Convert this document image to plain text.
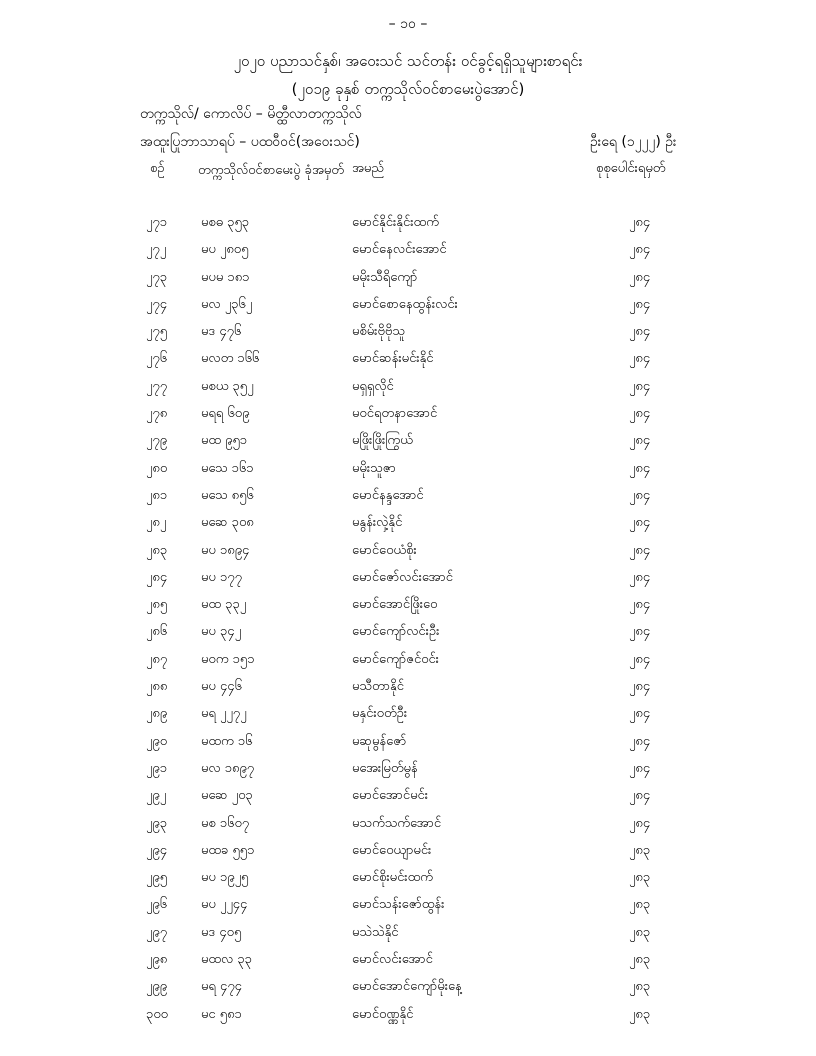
– ၁၀ –
၂၀၂၀ ပညာသင်နှစ်၊ အဝေးသင် သင်တန်း ဝင်ခွင့်ရရှိသူများစာရင်း
(၂၀၁၉ ခုနှစ် တက္ကသိုလ်ဝင်စာမေးပွဲအောင်)
တက္ကသိုလ်/ ကောလိပ် – မိတ္ထီလာတက္ကသိုလ်
အထူးပြုဘာသာရပ် – ပထဝီဝင်(အဝေးသင်)	ဦးရေ (၁၂၂၂) ဦး
စဉ်	တက္ကသိုလ်ဝင်စာမေးပွဲ ခုံအမှတ် အမည်	စုစုပေါင်းရမှတ်
၂၇၁	မစဓ ၃၅၃	မောင်နိုင်းနိုင်းထက်	၂၈၄
၂၇၂	မပ ၂၈၀၅	မောင်နေလင်းအောင်	၂၈၄
၂၇၃	မပမ ၁၈၁	မမိုးသီရိကျော်	၂၈၄
၂၇၄	မလ ၂၃၆၂	မောင်စောနေထွန်းလင်း	၂၈၄
၂၇၅	မဒ ၄၇၆	မစိမ်းဗိုဗိုသူ	၂၈၄
၂၇၆	မလတ ၁၆၆	မောင်ဆန်းမင်းနိုင်	၂၈၄
၂၇၇	မစယ ၃၅၂	မရှရှလိုင်	၂၈၄
၂၇၈	မရရ ၆၀၉	မဝင်ရတနာအောင်	၂၈၄
၂၇၉	မထ ၉၅၁	မဖြိုးဖြိုးကြွယ်	၂၈၄
၂၈၀	မသေ ၁၆၁	မမိုးသူဇာ	၂၈၄
၂၈၁	မသေ ၈၅၆	မောင်နန္ဒအောင်	၂၈၄
၂၈၂	မဆေ ၃၀၈	မနွန်းလှဲ့နိုင်	၂၈၄
၂၈၃	မပ ၁၈၉၄	မောင်ဝေယံစိုး	၂၈၄
၂၈၄	မပ ၁၇၇	မောင်ဇော်လင်းအောင်	၂၈၄
၂၈၅	မထ ၃၃၂	မောင်အောင်ဖြိုးဝေ	၂၈၄
၂၈၆	မပ ၃၄၂	မောင်ကျော်လင်းဦး	၂၈၄
၂၈၇	မဝက ၁၅၁	မောင်ကျော်ဇင်ဝင်း	၂၈၄
၂၈၈	မပ ၄၄၆	မသီတာနိုင်	၂၈၄
၂၈၉	မရ ၂၂၇၂	မနှင်းဝတ်ဦး	၂၈၄
၂၉၀	မထက ၁၆	မဆုမွန်ဇော်	၂၈၄
၂၉၁	မလ ၁၈၉၇	မအေးမြတ်မွန်	၂၈၄
၂၉၂	မဆေ ၂၀၃	မောင်အောင်မင်း	၂၈၄
၂၉၃	မစ ၁၆၀၇	မသက်သက်အောင်	၂၈၄
၂၉၄	မထခ ၅၅၁	မောင်ဝေယျာမင်း	၂၈၃
၂၉၅	မပ ၁၉၂၅	မောင်စိုးမင်းထက်	၂၈၃
၂၉၆	မပ ၂၂၄၄	မောင်သန်းဇော်ထွန်း	၂၈၃
၂၉၇	မဒ ၄၀၅	မသဲသဲနိုင်	၂၈၃
၂၉၈	မထလ ၃၃	မောင်လင်းအောင်	၂၈၃
၂၉၉	မရ ၄၇၄	မောင်အောင်ကျော်မိုးနေ့	၂၈၃
၃၀၀	မင ၅၈၁	မောင်ဝဏ္ဏနိုင်	၂၈၃
